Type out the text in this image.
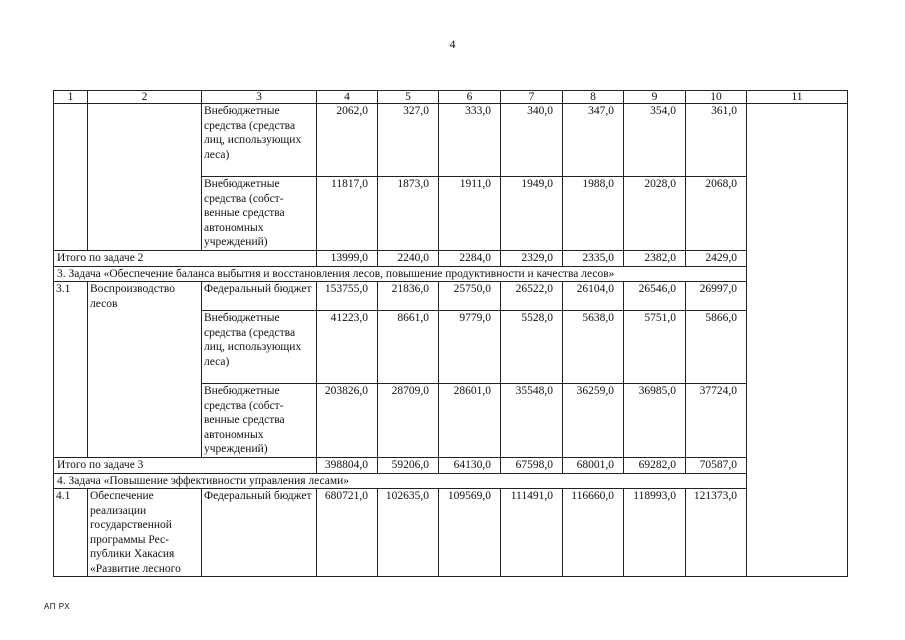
4
1	2	3	4	5	6	7	8	9	10	11
		Внебюджетные средства (средства лиц, использующих леса)	2062,0	327,0	333,0	340,0	347,0	354,0	361,0	
		Внебюджетные средства (собст-венные средства автономных учреждений)	11817,0	1873,0	1911,0	1949,0	1988,0	2028,0	2068,0	
Итого по задаче 2			13999,0	2240,0	2284,0	2329,0	2335,0	2382,0	2429,0	
3. Задача «Обеспечение баланса выбытия и восстановления лесов, повышение продуктивности и качества лесов»										
3.1	Воспроизводство лесов	Федеральный бюджет	153755,0	21836,0	25750,0	26522,0	26104,0	26546,0	26997,0	
		Внебюджетные средства (средства лиц, использующих леса)	41223,0	8661,0	9779,0	5528,0	5638,0	5751,0	5866,0	
		Внебюджетные средства (собст-венные средства автономных учреждений)	203826,0	28709,0	28601,0	35548,0	36259,0	36985,0	37724,0	
Итого по задаче 3			398804,0	59206,0	64130,0	67598,0	68001,0	69282,0	70587,0	
4. Задача «Повышение эффективности управления лесами»										
4.1	Обеспечение реализации государственной программы Рес-публики Хакасия «Развитие лесного	Федеральный бюджет	680721,0	102635,0	109569,0	111491,0	116660,0	118993,0	121373,0	
АП РХ
